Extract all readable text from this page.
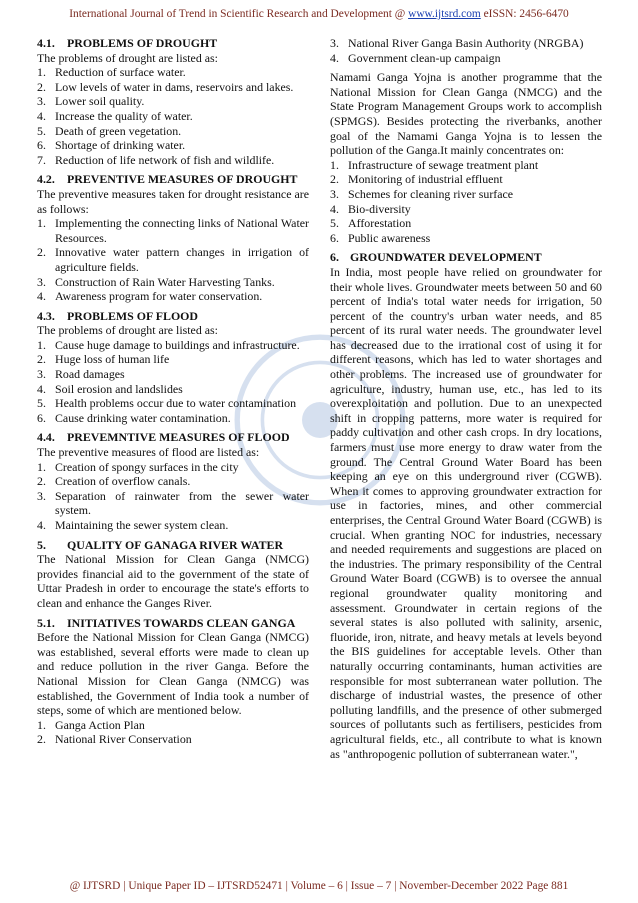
International Journal of Trend in Scientific Research and Development @ www.ijtsrd.com eISSN: 2456-6470
4.1.	PROBLEMS OF DROUGHT

The problems of drought are listed as:

1. Reduction of surface water.
2. Low levels of water in dams, reservoirs and lakes.
3. Lower soil quality.
4. Increase the quality of water.
5. Death of green vegetation.
6. Shortage of drinking water.
7. Reduction of life network of fish and wildlife.
4.2.	PREVENTIVE MEASURES OF DROUGHT

The preventive measures taken for drought resistance are as follows:

1. Implementing the connecting links of National Water Resources.
2. Innovative water pattern changes in irrigation of agriculture fields.
3. Construction of Rain Water Harvesting Tanks.
4. Awareness program for water conservation.
4.3.	PROBLEMS OF FLOOD

The problems of drought are listed as:

1. Cause huge damage to buildings and infrastructure.
2. Huge loss of human life
3. Road damages
4. Soil erosion and landslides
5. Health problems occur due to water contamination
6. Cause drinking water contamination.
4.4.	PREVEMNTIVE MEASURES OF FLOOD

The preventive measures of flood are listed as:

1. Creation of spongy surfaces in the city
2. Creation of overflow canals.
3. Separation of rainwater from the sewer water system.
4. Maintaining the sewer system clean.
5.	QUALITY OF GANAGA RIVER WATER

The National Mission for Clean Ganga (NMCG) provides financial aid to the government of the state of Uttar Pradesh in order to encourage the state's efforts to clean and enhance the Ganges River.

5.1.	INITIATIVES TOWARDS CLEAN GANGA

Before the National Mission for Clean Ganga (NMCG) was established, several efforts were made to clean up and reduce pollution in the river Ganga. Before the National Mission for Clean Ganga (NMCG) was established, the Government of India took a number of steps, some of which are mentioned below.

1. Ganga Action Plan
2. National River Conservation
3. National River Ganga Basin Authority (NRGBA)
4. Government clean-up campaign

Namami Ganga Yojna is another programme that the National Mission for Clean Ganga (NMCG) and the State Program Management Groups work to accomplish (SPMGS). Besides protecting the riverbanks, another goal of the Namami Ganga Yojna is to lessen the pollution of the Ganga.It mainly concentrates on:

1. Infrastructure of sewage treatment plant
2. Monitoring of industrial effluent
3. Schemes for cleaning river surface
4. Bio-diversity
5. Afforestation
6. Public awareness
6. GROUNDWATER DEVELOPMENT

In India, most people have relied on groundwater for their whole lives. Groundwater meets between 50 and 60 percent of India's total water needs for irrigation, 50 percent of the country's urban water needs, and 85 percent of its rural water needs. The groundwater level has decreased due to the irrational cost of using it for different reasons, which has led to water shortages and other problems. The increased use of groundwater for agriculture, industry, human use, etc., has led to its overexploitation and pollution. Due to an unexpected shift in cropping patterns, more water is required for paddy cultivation and other cash crops. In dry locations, farmers must use more energy to draw water from the ground. The Central Ground Water Board has been keeping an eye on this underground river (CGWB). When it comes to approving groundwater extraction for use in factories, mines, and other commercial enterprises, the Central Ground Water Board (CGWB) is crucial. When granting NOC for industries, necessary and needed requirements and suggestions are placed on the industries. The primary responsibility of the Central Ground Water Board (CGWB) is to oversee the annual regional groundwater quality monitoring and assessment. Groundwater in certain regions of the several states is also polluted with salinity, arsenic, fluoride, iron, nitrate, and heavy metals at levels beyond the BIS guidelines for acceptable levels. Other than naturally occurring contaminants, human activities are responsible for most subterranean water pollution. The discharge of industrial wastes, the presence of other polluting landfills, and the presence of other submerged sources of pollutants such as fertilisers, pesticides from agricultural fields, etc., all contribute to what is known as "anthropogenic pollution of subterranean water.",

@ IJTSRD | Unique Paper ID – IJTSRD52471 | Volume – 6 | Issue – 7 | November-December 2022 Page 881
